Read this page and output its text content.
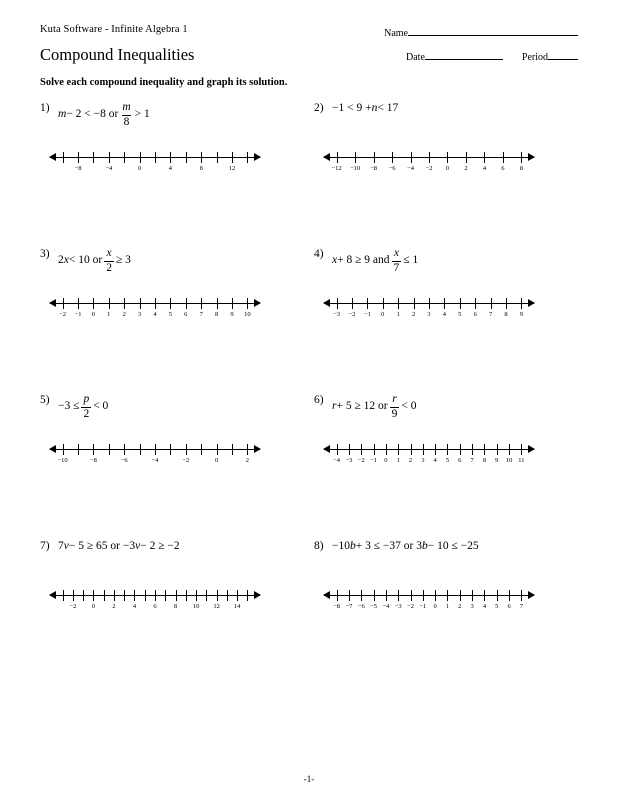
Kuta Software - Infinite Algebra 1	Name
Compound Inequalities	Date	Period
Solve each compound inequality and graph its solution.
1)
m − 2 < −8 or $\frac{m}{8} > 1$
−8	−4	0	4	8	12
2) −1 < 9 + n < 17
−12 −10 −8 −6 −4 −2 0 2 4 6 8
3)
2 x < 10 or $\frac{x}{2} \ge 3$
−2 −1 0 1 2 3 4 5 6 7 8 9 10
4)
x + 8 ≥ 9 and $\frac{x}{7} \le 1$
−3 −2 −1 0 1 2 3 4 5 6 7 8 9
5)
$-3 \le \frac{p}{2} < 0$
−10	−8	−6	−4	−2	0	2
6)
r + 5 ≥ 12 or $\frac{r}{9} < 0$
−4 −3 −2 −1 0 1 2 3 4 5 6 7 8 9 10 11
7) 7 v − 5 ≥ 65 or −3 v − 2 ≥ −2
−2 0	2	4	6	8 10 12 14
8) −10 b + 3 ≤ −37 or 3 b − 10 ≤ −25
−8 −7 −6 −5 −4 −3 −2 −1 0 1 2 3 4 5 6 7
-1-
